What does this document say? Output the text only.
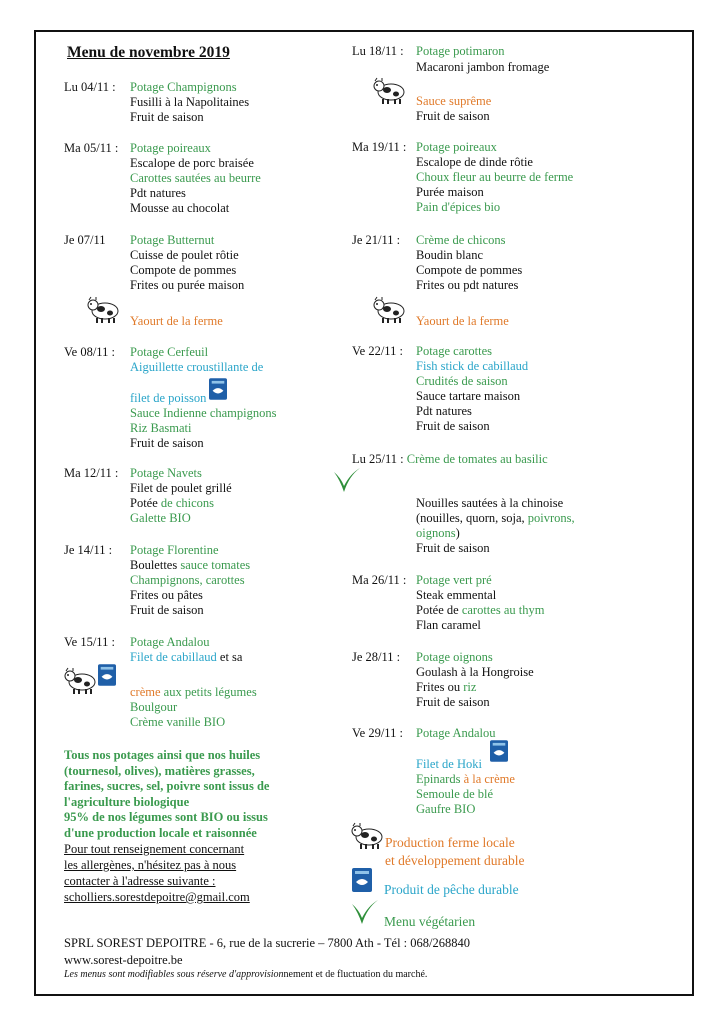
Menu de novembre 2019
Lu 04/11 : Potage Champignons
Fusilli à la Napolitaines
Fruit de saison
Ma 05/11 : Potage poireaux
Escalope de porc braisée
Carottes sautées au beurre
Pdt natures
Mousse au chocolat
Je 07/11 Potage Butternut
Cuisse de poulet rôtie
Compote de pommes
Frites ou purée maison
Yaourt de la ferme
Ve 08/11 : Potage Cerfeuil
Aiguillette croustillante de
filet de poisson
Sauce Indienne champignons
Riz Basmati
Fruit de saison
Ma 12/11 : Potage Navets
Filet de poulet grillé
Potée de chicons
Galette BIO
Je 14/11 : Potage Florentine
Boulettes sauce tomates
Champignons, carottes
Frites ou pâtes
Fruit de saison
Ve 15/11 : Potage Andalou
Filet de cabillaud et sa
crème aux petits légumes
Boulgour
Crème vanille BIO
Lu 18/11 : Potage potimaron
Macaroni jambon fromage
Sauce suprême
Fruit de saison
Ma 19/11 : Potage poireaux
Escalope de dinde rôtie
Choux fleur au beurre de ferme
Purée maison
Pain d'épices bio
Je 21/11 : Crème de chicons
Boudin blanc
Compote de pommes
Frites ou pdt natures
Yaourt de la ferme
Ve 22/11 : Potage carottes
Fish stick de cabillaud
Crudités de saison
Sauce tartare maison
Pdt natures
Fruit de saison
Lu 25/11 : Crème de tomates au basilic
Nouilles sautées à la chinoise
(nouilles, quorn, soja, poivrons,
oignons)
Fruit de saison
Ma 26/11 : Potage vert pré
Steak emmental
Potée de carottes au thym
Flan caramel
Je 28/11 : Potage oignons
Goulash à la Hongroise
Frites ou riz
Fruit de saison
Ve 29/11 : Potage Andalou
Filet de Hoki
Epinards à la crème
Semoule de blé
Gaufre BIO
Tous nos potages ainsi que nos huiles
(tournesol, olives), matières grasses,
farines, sucres, sel, poivre sont issus de
l'agriculture biologique
95% de nos légumes sont BIO ou issus
d'une production locale et raisonnée
Pour tout renseignement concernant
les allergènes, n'hésitez pas à nous
contacter à l'adresse suivante :
scholliers.sorestdepoitre@gmail.com
Production ferme locale
et développement durable
Produit de pêche durable
Menu végétarien
SPRL SOREST DEPOITRE - 6, rue de la sucrerie – 7800 Ath - Tél : 068/268840
www.sorest-depoitre.be
Les menus sont modifiables sous réserve d'approvisionnement et de fluctuation du marché.
